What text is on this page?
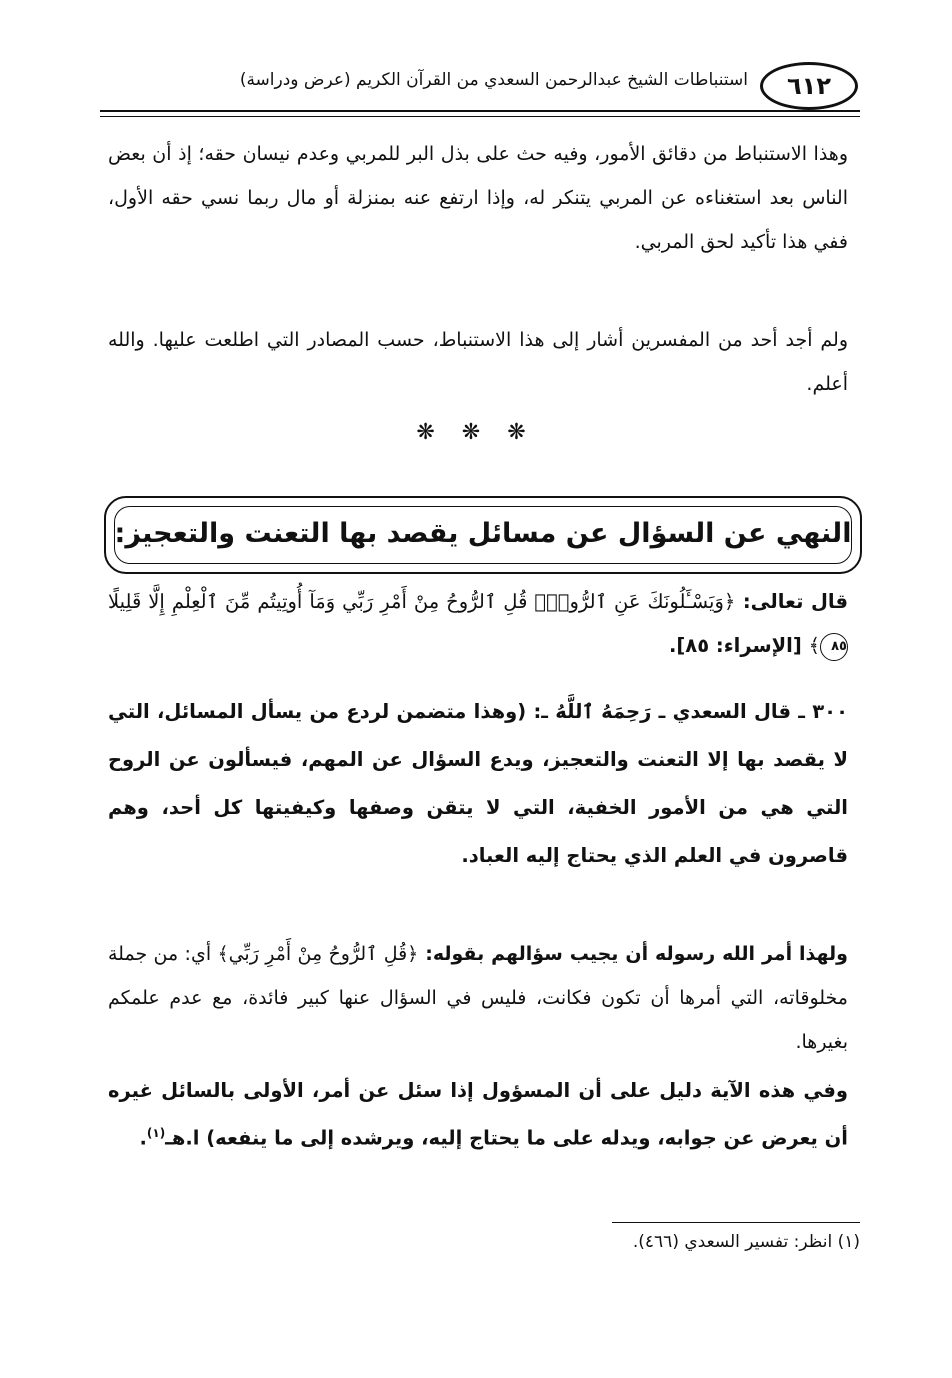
٦١٢
استنباطات الشيخ عبدالرحمن السعدي من القرآن الكريم (عرض ودراسة)
وهذا الاستنباط من دقائق الأمور، وفيه حث على بذل البر للمربي وعدم نيسان حقه؛ إذ أن بعض الناس بعد استغناءه عن المربي يتنكر له، وإذا ارتفع عنه بمنزلة أو مال ربما نسي حقه الأول، ففي هذا تأكيد لحق المربي.
ولم أجد أحد من المفسرين أشار إلى هذا الاستنباط، حسب المصادر التي اطلعت عليها. والله أعلم.
❋ ❋ ❋
النهي عن السؤال عن مسائل يقصد بها التعنت والتعجيز:
قال تعالى: ﴿وَيَسْـَٔلُونَكَ عَنِ ٱلرُّوحِۖ قُلِ ٱلرُّوحُ مِنْ أَمْرِ رَبِّي وَمَآ أُوتِيتُم مِّنَ ٱلْعِلْمِ إِلَّا قَلِيلًا ٨٥﴾ [الإسراء: ٨٥].
٣٠٠ ـ قال السعدي ـ رَحِمَهُ ٱللَّهُ ـ: (وهذا متضمن لردع من يسأل المسائل، التي لا يقصد بها إلا التعنت والتعجيز، ويدع السؤال عن المهم، فيسألون عن الروح التي هي من الأمور الخفية، التي لا يتقن وصفها وكيفيتها كل أحد، وهم قاصرون في العلم الذي يحتاج إليه العباد.
ولهذا أمر الله رسوله أن يجيب سؤالهم بقوله: ﴿قُلِ ٱلرُّوحُ مِنْ أَمْرِ رَبِّي﴾ أي: من جملة مخلوقاته، التي أمرها أن تكون فكانت، فليس في السؤال عنها كبير فائدة، مع عدم علمكم بغيرها.
وفي هذه الآية دليل على أن المسؤول إذا سئل عن أمر، الأولى بالسائل غيره أن يعرض عن جوابه، ويدله على ما يحتاج إليه، ويرشده إلى ما ينفعه) ا.هـ$^{(١)}$.
(١) انظر: تفسير السعدي (٤٦٦).
